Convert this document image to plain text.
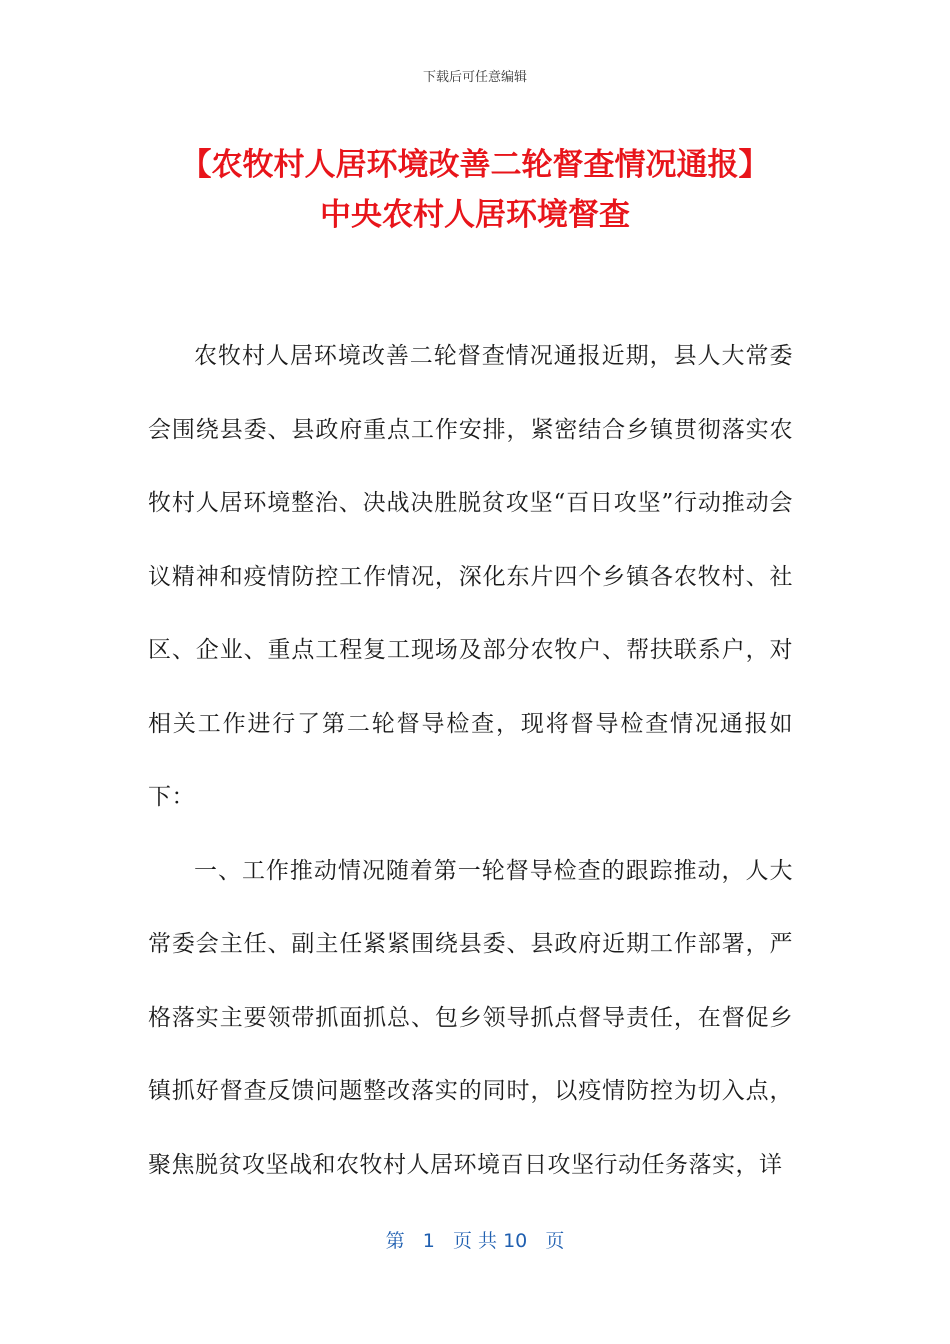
下载后可任意编辑
【农牧村人居环境改善二轮督查情况通报】
中央农村人居环境督查

农牧村人居环境改善二轮督查情况通报近期，县人大常委会围绕县委、县政府重点工作安排，紧密结合乡镇贯彻落实农牧村人居环境整治、决战决胜脱贫攻坚“百日攻坚”行动推动会议精神和疫情防控工作情况，深化东片四个乡镇各农牧村、社区、企业、重点工程复工现场及部分农牧户、帮扶联系户，对相关工作进行了第二轮督导检查，现将督导检查情况通报如下：

一、工作推动情况随着第一轮督导检查的跟踪推动，人大常委会主任、副主任紧紧围绕县委、县政府近期工作部署，严格落实主要领带抓面抓总、包乡领导抓点督导责任，在督促乡镇抓好督查反馈问题整改落实的同时，以疫情防控为切入点，聚焦脱贫攻坚战和农牧村人居环境百日攻坚行动任务落实，详

第 1 页 共 10 页
